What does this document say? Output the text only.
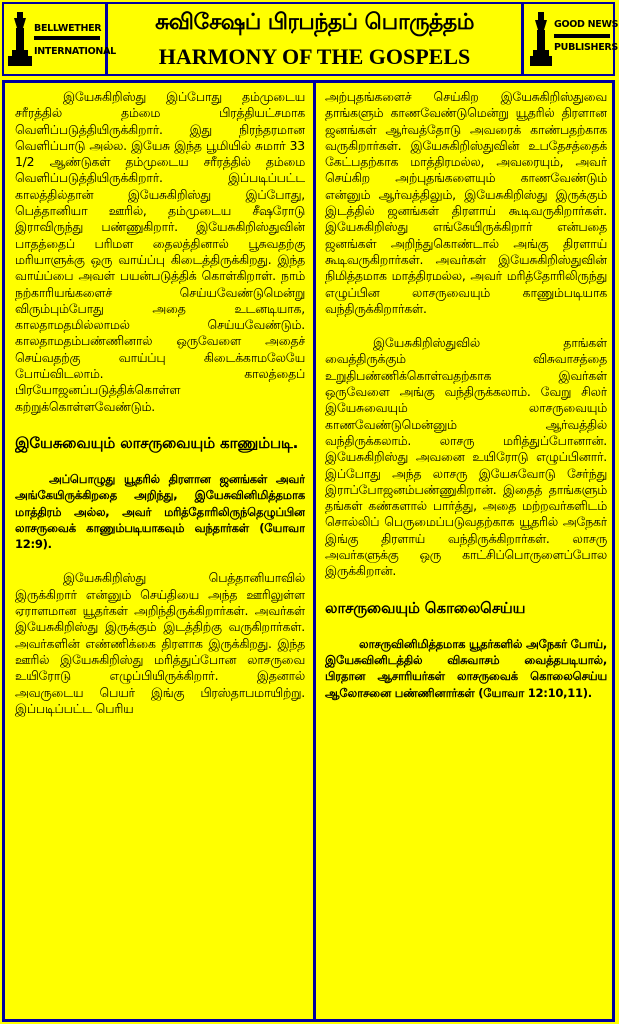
BELLWETHER
INTERNATIONAL
சுவிசேஷப் பிரபந்தப் பொருத்தம்
HARMONY OF THE GOSPELS
GOOD NEWS
PUBLISHERS

இயேசுகிறிஸ்து இப்போது தம்முடைய சரீரத்தில் தம்மை பிரத்தியட்சமாக வெளிப்படுத்தியிருக்கிறார். இது நிரந்தரமான வெளிப்பாடு அல்ல. இயேசு இந்த பூமியில் சுமார் 33 1/2 ஆண்டுகள் தம்முடைய சரீரத்தில் தம்மை வெளிப்படுத்தியிருக்கிறார். இப்படிப்பட்ட காலத்தில்தான் இயேசுகிறிஸ்து இப்போது, பெத்தானியா ஊரில், தம்முடைய சீஷரோடு இராவிருந்து பண்ணுகிறார். இயேசுகிறிஸ்துவின் பாதத்தைப் பரிமள தைலத்தினால் பூசுவதற்கு மரியாளுக்கு ஒரு வாய்ப்பு கிடைத்திருக்கிறது. இந்த வாய்ப்பை அவள் பயன்படுத்திக் கொள்கிறாள். நாம் நற்காரியங்களைச் செய்யவேண்டுமென்று விரும்பும்போது அதை உடனடியாக, காலதாமதமில்லாமல் செய்யவேண்டும். காலதாமதம்பண்ணினால் ஒருவேளை அதைச் செய்வதற்கு வாய்ப்பு கிடைக்காமலேயே போய்விடலாம். காலத்தைப் பிரயோஜனப்படுத்திக்கொள்ள கற்றுக்கொள்ளவேண்டும்.

இயேசுவையும் லாசருவையும் காணும்படி.

அப்பொழுது யூதரில் திரளான ஜனங்கள் அவர் அங்கேயிருக்கிறதை அறிந்து, இயேசுவினிமித்தமாக மாத்திரம் அல்ல, அவர் மரித்தோரிலிருந்தெழுப்பின லாசருவைக் காணும்படியாகவும் வந்தார்கள் (யோவா 12:9).

இயேசுகிறிஸ்து பெத்தானியாவில் இருக்கிறார் என்னும் செய்தியை அந்த ஊரிலுள்ள ஏராளமான யூதர்கள் அறிந்திருக்கிறார்கள். அவர்கள் இயேசுகிறிஸ்து இருக்கும் இடத்திற்கு வருகிறார்கள். அவர்களின் எண்ணிக்கை திரளாக இருக்கிறது. இந்த ஊரில் இயேசுகிறிஸ்து மரித்துப்போன லாசருவை உயிரோடு எழுப்பியிருக்கிறார். இதனால் அவருடைய பெயர் இங்கு பிரஸ்தாபமாயிற்று. இப்படிப்பட்ட பெரிய

அற்புதங்களைச் செய்கிற இயேசுகிறிஸ்துவை தாங்களும் காணவேண்டுமென்று யூதரில் திரளான ஜனங்கள் ஆர்வத்தோடு அவரைக் காண்பதற்காக வருகிறார்கள். இயேசுகிறிஸ்துவின் உபதேசத்தைக் கேட்பதற்காக மாத்திரமல்ல, அவரையும், அவர் செய்கிற அற்புதங்களையும் காணவேண்டும் என்னும் ஆர்வத்திலும், இயேசுகிறிஸ்து இருக்கும் இடத்தில் ஜனங்கள் திரளாய் கூடிவருகிறார்கள். இயேசுகிறிஸ்து எங்கேயிருக்கிறார் என்பதை ஜனங்கள் அறிந்துகொண்டால் அங்கு திரளாய் கூடிவருகிறார்கள். அவர்கள் இயேசுகிறிஸ்துவின் நிமித்தமாக மாத்திரமல்ல, அவர் மரித்தோரிலிருந்து எழுப்பின லாசருவையும் காணும்படியாக வந்திருக்கிறார்கள்.

இயேசுகிறிஸ்துவில் தாங்கள் வைத்திருக்கும் விசுவாசத்தை உறுதிபண்ணிக்கொள்வதற்காக இவர்கள் ஒருவேளை அங்கு வந்திருக்கலாம். வேறு சிலர் இயேசுவையும் லாசருவையும் காணவேண்டுமென்னும் ஆர்வத்தில் வந்திருக்கலாம். லாசரு மரித்துப்போனான். இயேசுகிறிஸ்து அவனை உயிரோடு எழுப்பினார். இப்போது அந்த லாசரு இயேசுவோடு சேர்ந்து இராப்போஜனம்பண்ணுகிறான். இதைத் தாங்களும் தங்கள் கண்களால் பார்த்து, அதை மற்றவர்களிடம் சொல்லிப் பெருமைப்படுவதற்காக யூதரில் அநேகர் இங்கு திரளாய் வந்திருக்கிறார்கள். லாசரு அவர்களுக்கு ஒரு காட்சிப்பொருளைப்போல இருக்கிறான்.

லாசருவையும் கொலைசெய்ய

லாசருவினிமித்தமாக யூதர்களில் அநேகர் போய், இயேசுவினிடத்தில் விசுவாசம் வைத்தபடியால், பிரதான ஆசாரியர்கள் லாசருவைக் கொலைசெய்ய ஆலோசனை பண்ணினார்கள் (யோவா 12:10,11).
